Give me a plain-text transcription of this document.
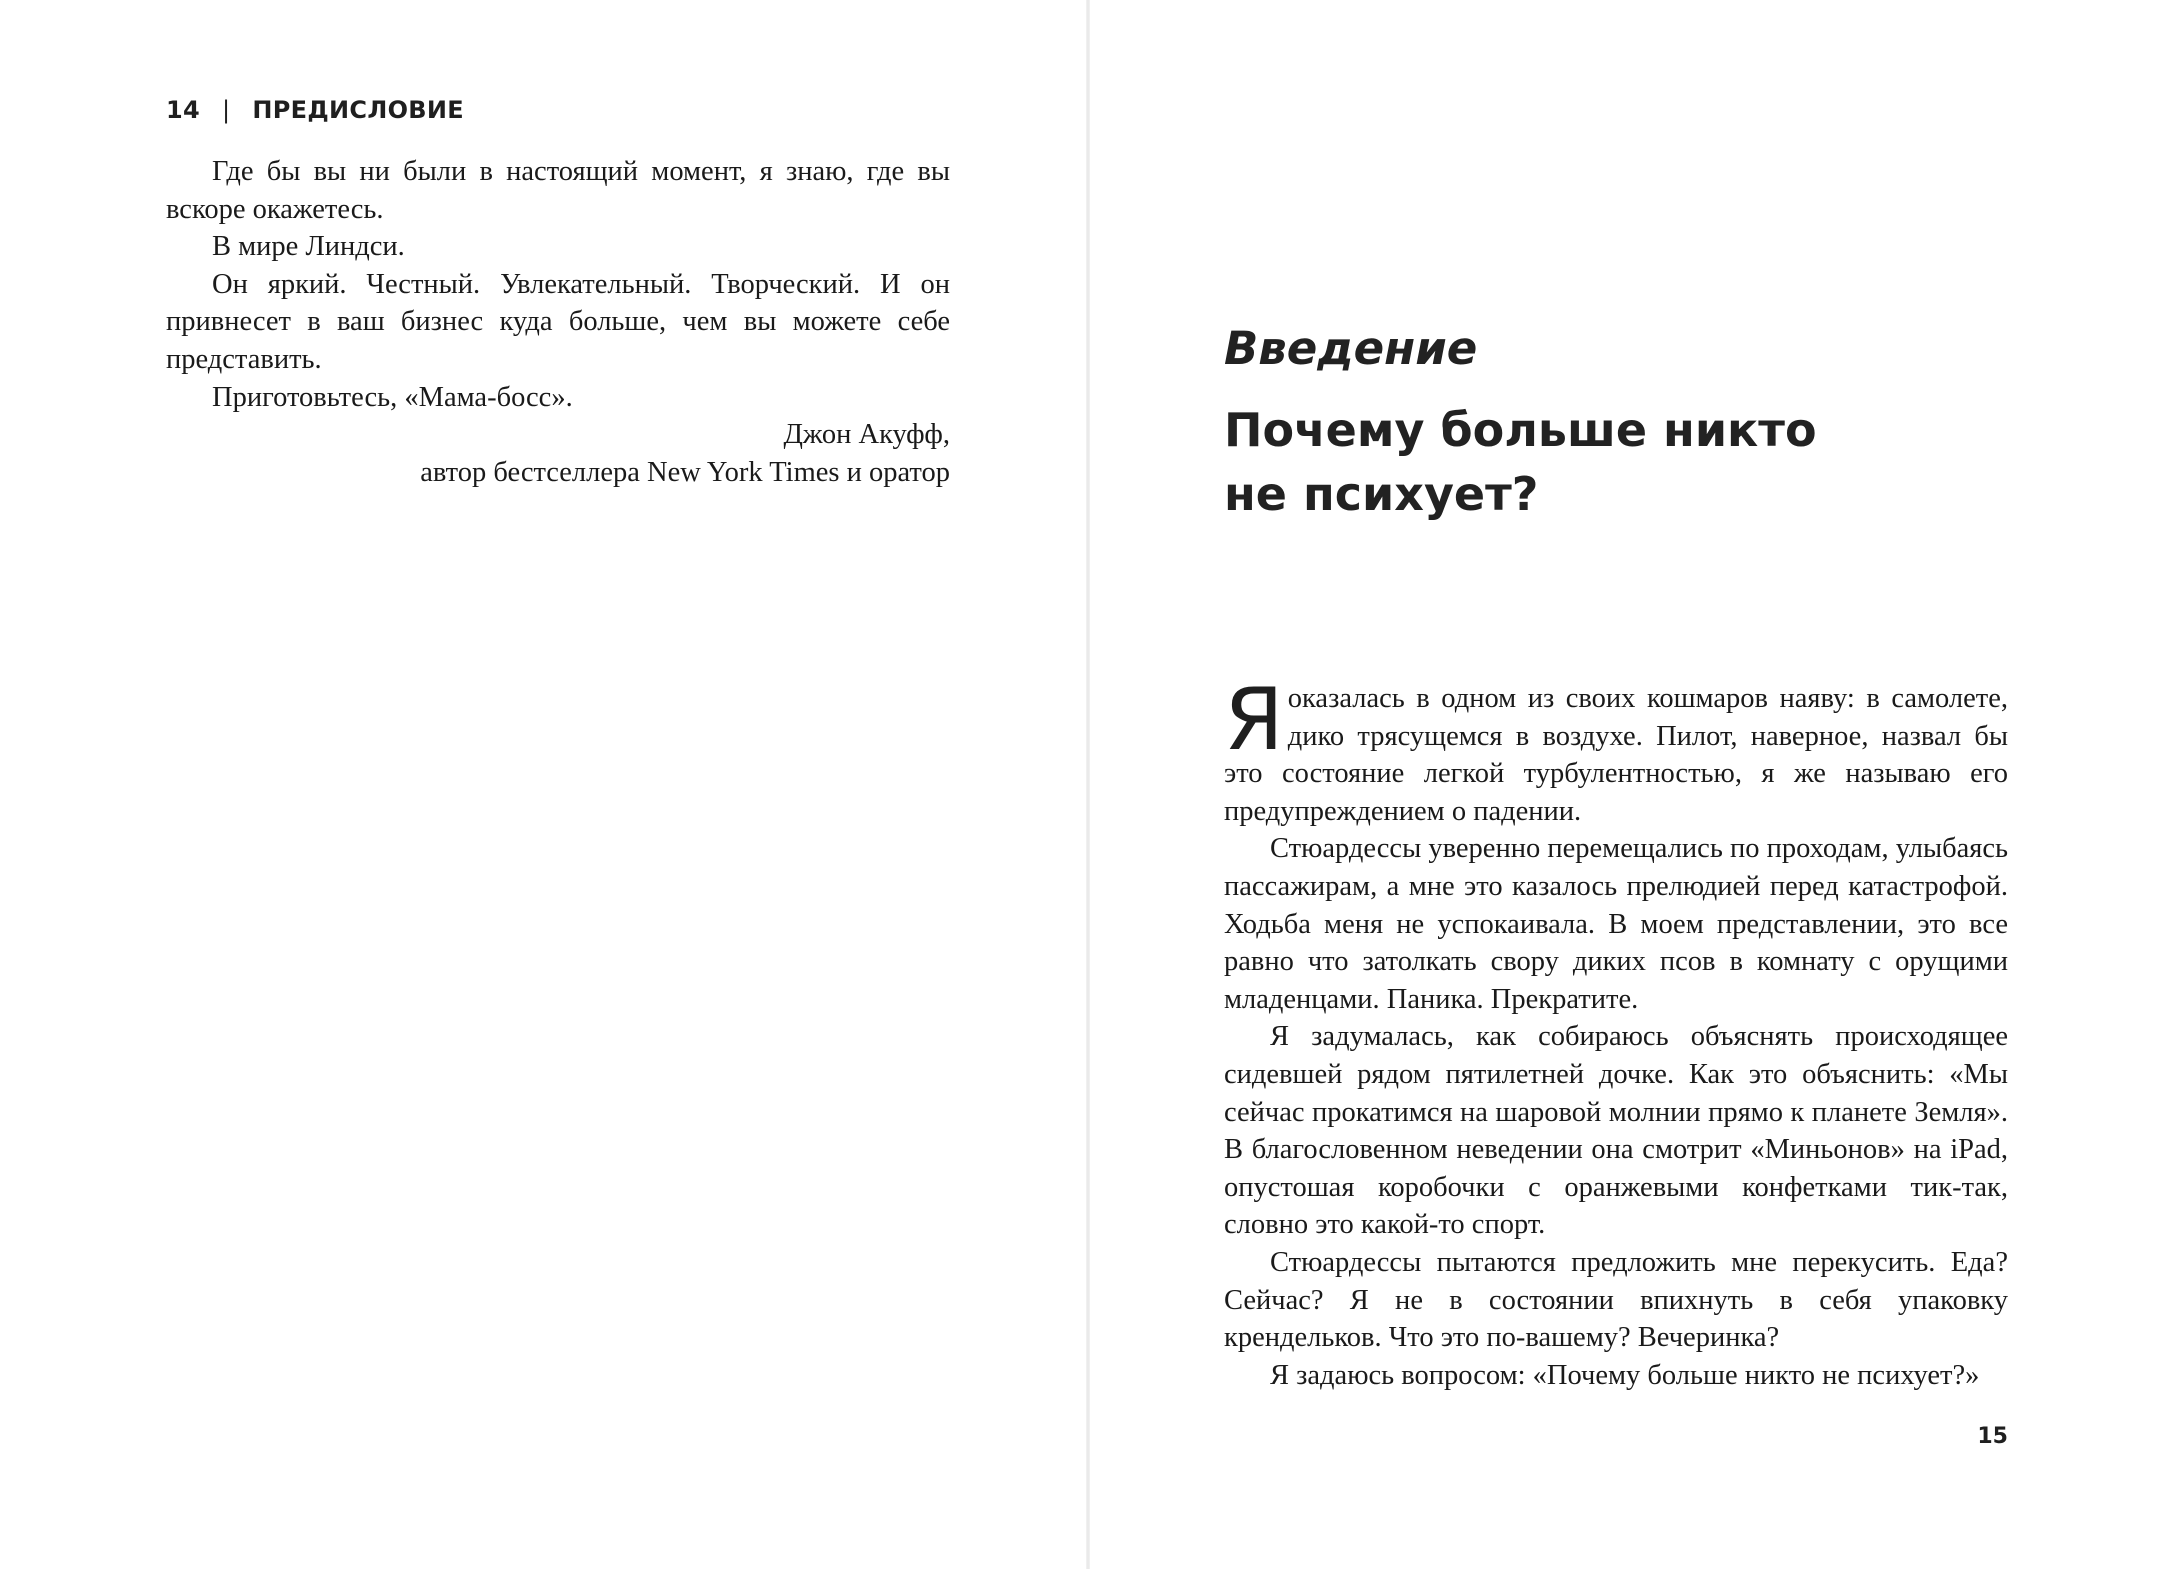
14 | ПРЕДИСЛОВИЕ

Где бы вы ни были в настоящий момент, я знаю, где вы вскоре окажетесь.

В мире Линдси.

Он яркий. Честный. Увлекательный. Творческий. И он привнесет в ваш бизнес куда больше, чем вы можете себе представить.

Приготовьтесь, «Мама-босс».

Джон Акуфф,

автор бестселлера New York Times и оратор

Введение
Почему больше никто
не психует?

Яоказалась в одном из своих кошмаров наяву: в самолете, дико трясущемся в воздухе. Пилот, наверное, назвал бы это состояние легкой турбулентностью, я же называю его предупреждением о падении.

Стюардессы уверенно перемещались по проходам, улыбаясь пассажирам, а мне это казалось прелюдией перед катастрофой. Ходьба меня не успокаивала. В моем представлении, это все равно что затолкать свору диких псов в комнату с орущими младенцами. Паника. Прекратите.

Я задумалась, как собираюсь объяснять происходящее сидевшей рядом пятилетней дочке. Как это объяснить: «Мы сейчас прокатимся на шаровой молнии прямо к планете Земля». В благословенном неведении она смотрит «Миньонов» на iPad, опустошая коробочки с оранжевыми конфетками тик-так, словно это какой-то спорт.

Стюардессы пытаются предложить мне перекусить. Еда? Сейчас? Я не в состоянии впихнуть в себя упаковку крендельков. Что это по-вашему? Вечеринка?

Я задаюсь вопросом: «Почему больше никто не психует?»

15
